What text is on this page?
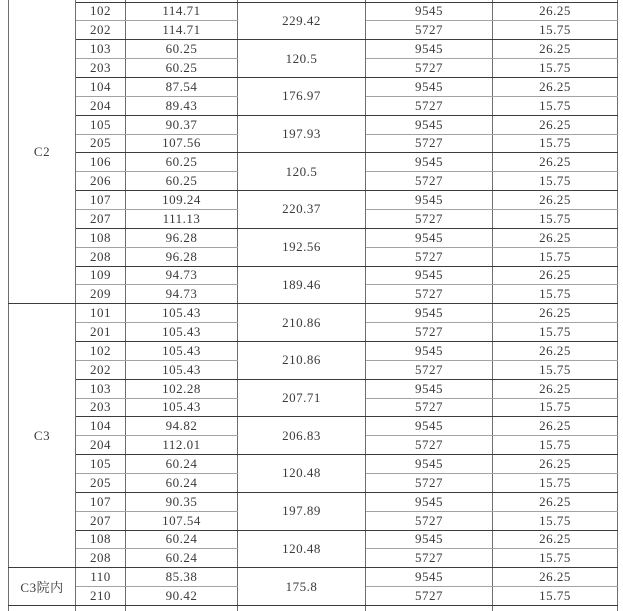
C2					
	102	114.71	229.42	9545	26.25
	202	114.71		5727	15.75
	103	60.25	120.5	9545	26.25
	203	60.25		5727	15.75
	104	87.54	176.97	9545	26.25
	204	89.43		5727	15.75
	105	90.37	197.93	9545	26.25
	205	107.56		5727	15.75
	106	60.25	120.5	9545	26.25
	206	60.25		5727	15.75
	107	109.24	220.37	9545	26.25
	207	111.13		5727	15.75
	108	96.28	192.56	9545	26.25
	208	96.28		5727	15.75
	109	94.73	189.46	9545	26.25
	209	94.73		5727	15.75
C3	101	105.43	210.86	9545	26.25
	201	105.43		5727	15.75
	102	105.43	210.86	9545	26.25
	202	105.43		5727	15.75
	103	102.28	207.71	9545	26.25
	203	105.43		5727	15.75
	104	94.82	206.83	9545	26.25
	204	112.01		5727	15.75
	105	60.24	120.48	9545	26.25
	205	60.24		5727	15.75
	107	90.35	197.89	9545	26.25
	207	107.54		5727	15.75
	108	60.24	120.48	9545	26.25
	208	60.24		5727	15.75
C3院内	110	85.38	175.8	9545	26.25
	210	90.42		5727	15.75
